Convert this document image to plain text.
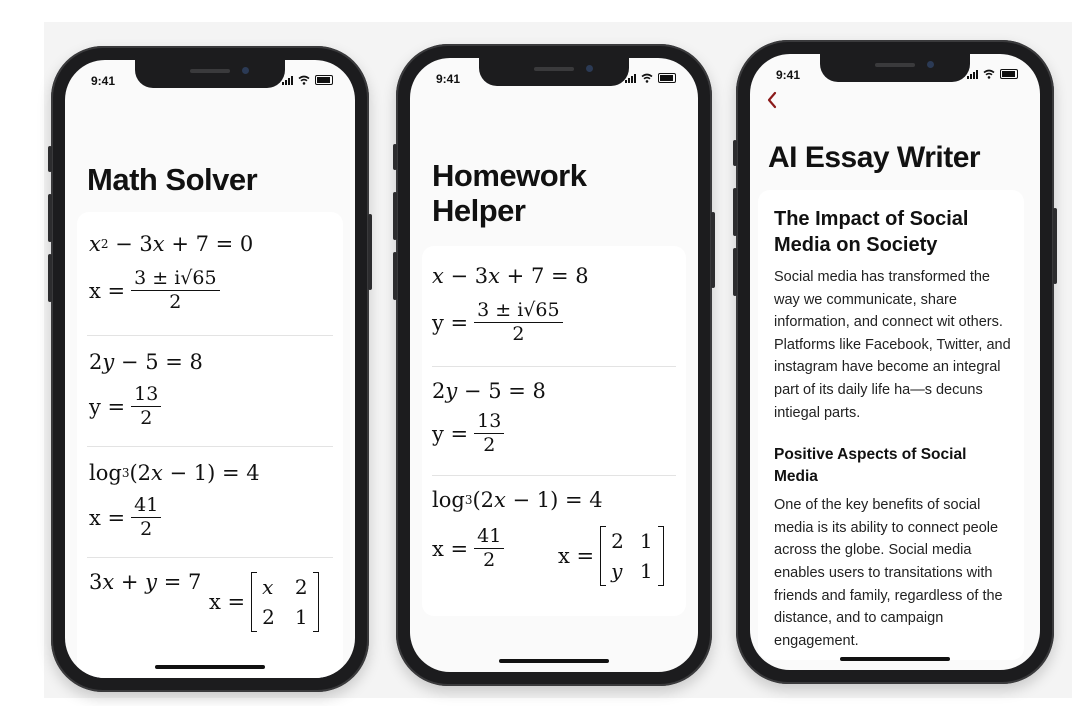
9:41
Math Solver
x 2 − 3 x + 7 = 0
$x = \frac{3 \pm i√65}{2}$
2 y − 5 = 8
$y = \frac{13}{2}$
log 3 (2 x − 1) = 4
$x = \frac{41}{2}$
3 x + y = 7
x =
x 2
2 1
9:41
Homework
Helper
x − 3 x + 7 = 8
$y = \frac{3 \pm i√65}{2}$
2 y − 5 = 8
$y = \frac{13}{2}$
log 3 (2 x − 1) = 4
$x = \frac{41}{2}$	x =
2 1
y 1
9:41
AI Essay Writer
The Impact of Social Media on Society

Social media has transformed the way we communicate, share information, and connect wit others. Platforms like Facebook, Twitter, and instagram have become an integral part of its daily life ha—s decuns intiegal parts.

Positive Aspects of Social Media

One of the key benefits of social media is its ability to connect peole across the globe. Social media enables users to transitations with friends and family, regardless of the distance, and to campaign engagement.
